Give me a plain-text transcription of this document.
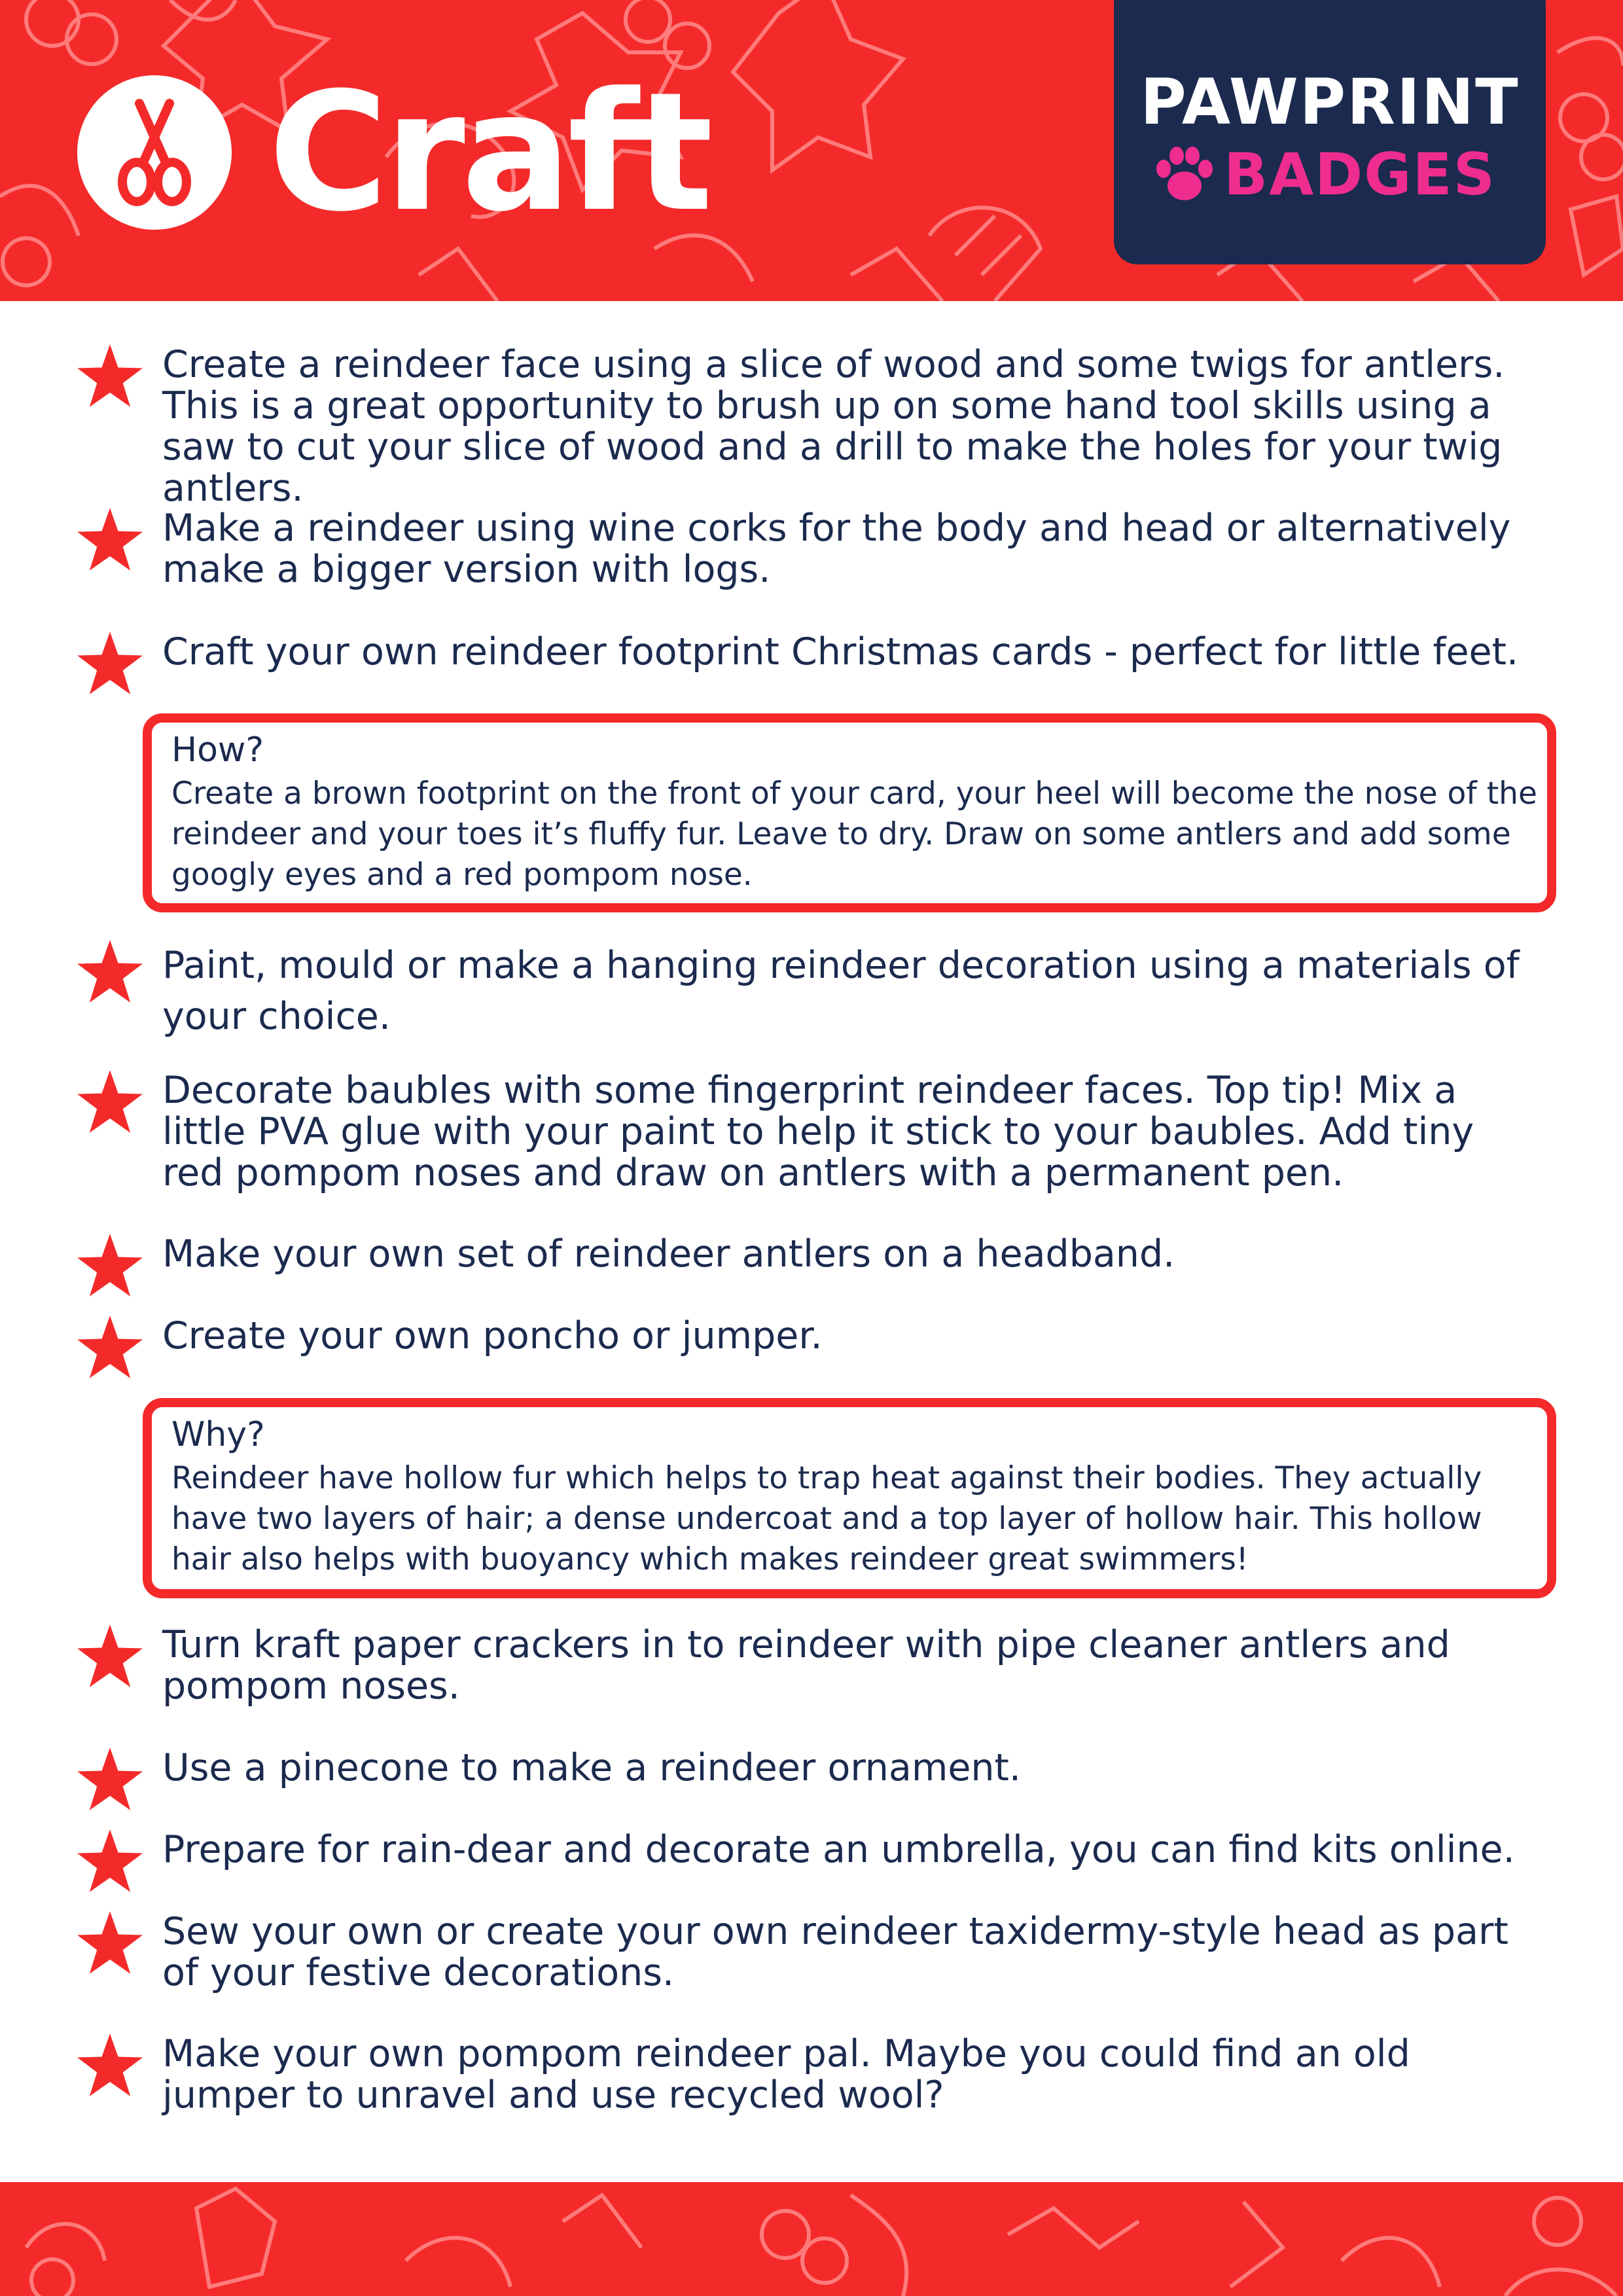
Craft	PAWPRINT
BADGES
Create a reindeer face using a slice of wood and some twigs for antlers. This is a great opportunity to brush up on some hand tool skills using a saw to cut your slice of wood and a drill to make the holes for your twig antlers.
Make a reindeer using wine corks for the body and head or alternatively make a bigger version with logs.
Craft your own reindeer footprint Christmas cards - perfect for little feet.
How?
Create a brown footprint on the front of your card, your heel will become the nose of the reindeer and your toes it’s fluffy fur. Leave to dry. Draw on some antlers and add some googly eyes and a red pompom nose.
Paint, mould or make a hanging reindeer decoration using a materials of your choice.
Decorate baubles with some fingerprint reindeer faces. Top tip! Mix a little PVA glue with your paint to help it stick to your baubles. Add tiny red pompom noses and draw on antlers with a permanent pen.
Make your own set of reindeer antlers on a headband.
Create your own poncho or jumper.
Why?
Reindeer have hollow fur which helps to trap heat against their bodies. They actually have two layers of hair; a dense undercoat and a top layer of hollow hair. This hollow hair also helps with buoyancy which makes reindeer great swimmers!
Turn kraft paper crackers in to reindeer with pipe cleaner antlers and pompom noses.
Use a pinecone to make a reindeer ornament.
Prepare for rain-dear and decorate an umbrella, you can find kits online.
Sew your own or create your own reindeer taxidermy-style head as part of your festive decorations.
Make your own pompom reindeer pal. Maybe you could find an old jumper to unravel and use recycled wool?
